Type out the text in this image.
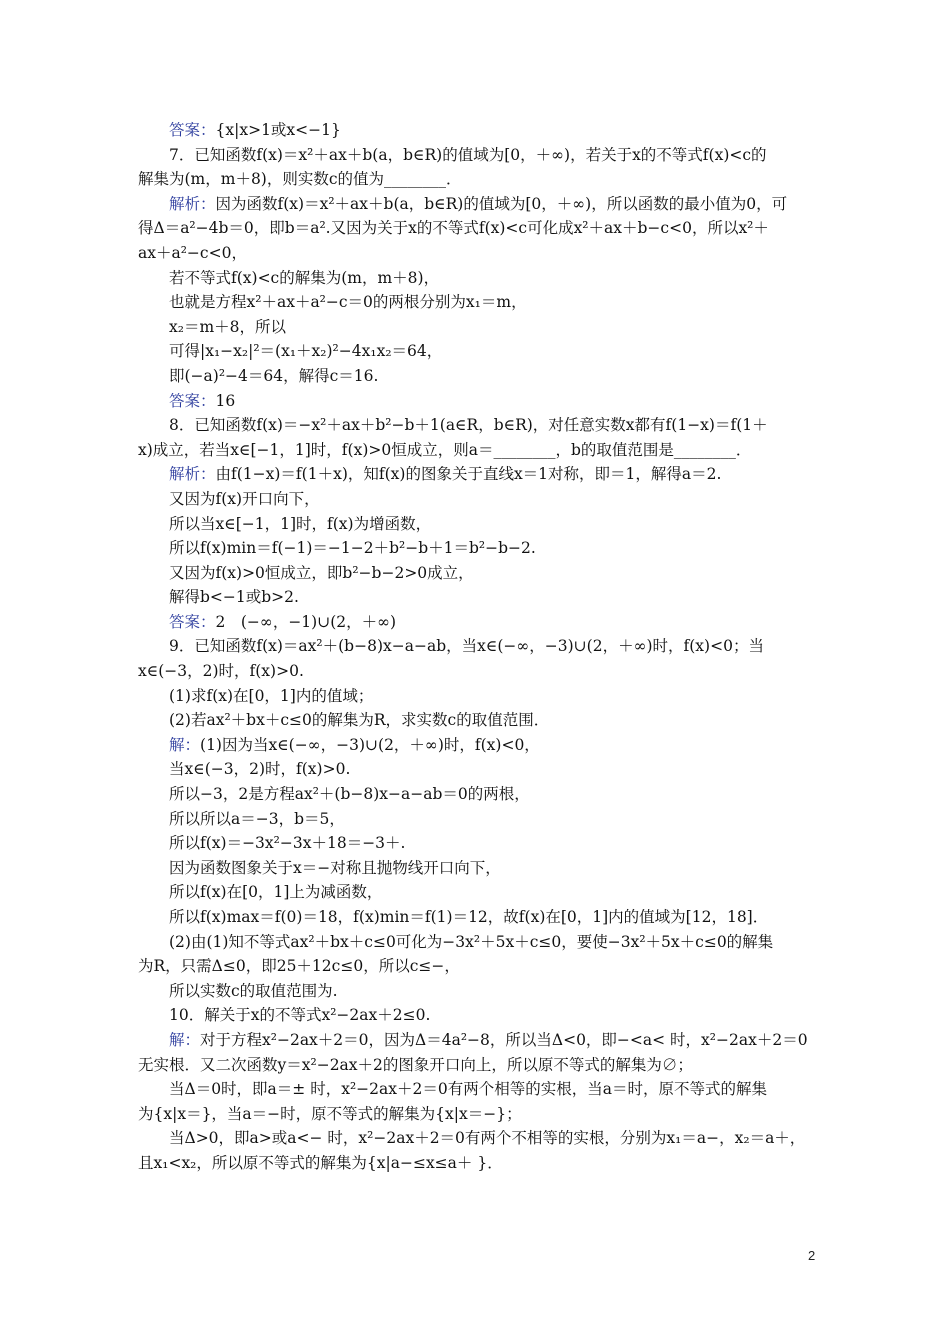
答案：{x|x>1或x<−1}
7．已知函数f(x)＝x²＋ax＋b(a，b∈R)的值域为[0，＋∞)，若关于x的不等式f(x)<c的
解集为(m，m＋8)，则实数c的值为________．
解析：因为函数f(x)＝x²＋ax＋b(a，b∈R)的值域为[0，＋∞)，所以函数的最小值为0，可
得Δ＝a²−4b＝0，即b＝a².又因为关于x的不等式f(x)<c可化成x²＋ax＋b−c<0，所以x²＋
ax＋a²−c<0，
若不等式f(x)<c的解集为(m，m＋8)，
也就是方程x²＋ax＋a²−c＝0的两根分别为x₁＝m，
x₂＝m＋8，所以
可得|x₁−x₂|²＝(x₁＋x₂)²−4x₁x₂＝64，
即(−a)²−4＝64，解得c＝16.
答案：16
8．已知函数f(x)＝−x²＋ax＋b²−b＋1(a∈R，b∈R)，对任意实数x都有f(1−x)＝f(1＋
x)成立，若当x∈[−1，1]时，f(x)>0恒成立，则a＝________，b的取值范围是________．
解析：由f(1−x)＝f(1＋x)，知f(x)的图象关于直线x＝1对称，即＝1，解得a＝2.
又因为f(x)开口向下，
所以当x∈[−1，1]时，f(x)为增函数，
所以f(x)min＝f(−1)＝−1−2＋b²−b＋1＝b²−b−2.
又因为f(x)>0恒成立，即b²−b−2>0成立，
解得b<−1或b>2.
答案：2　(−∞，−1)∪(2，＋∞)
9．已知函数f(x)＝ax²＋(b−8)x−a−ab，当x∈(−∞，−3)∪(2，＋∞)时，f(x)<0；当
x∈(−3，2)时，f(x)>0.
(1)求f(x)在[0，1]内的值域；
(2)若ax²＋bx＋c≤0的解集为R，求实数c的取值范围．
解：(1)因为当x∈(−∞，−3)∪(2，＋∞)时，f(x)<0，
当x∈(−3，2)时，f(x)>0.
所以−3，2是方程ax²＋(b−8)x−a−ab＝0的两根，
所以所以a＝−3，b＝5，
所以f(x)＝−3x²−3x＋18＝−3＋.
因为函数图象关于x＝−对称且抛物线开口向下，
所以f(x)在[0，1]上为减函数，
所以f(x)max＝f(0)＝18，f(x)min＝f(1)＝12，故f(x)在[0，1]内的值域为[12，18]．
(2)由(1)知不等式ax²＋bx＋c≤0可化为−3x²＋5x＋c≤0，要使−3x²＋5x＋c≤0的解集
为R，只需Δ≤0，即25＋12c≤0，所以c≤−，
所以实数c的取值范围为.
10．解关于x的不等式x²−2ax＋2≤0.
解：对于方程x²−2ax＋2＝0，因为Δ＝4a²−8，所以当Δ<0，即−<a< 时，x²−2ax＋2＝0
无实根．又二次函数y＝x²−2ax＋2的图象开口向上，所以原不等式的解集为∅；
当Δ＝0时，即a＝± 时，x²−2ax＋2＝0有两个相等的实根，当a＝时，原不等式的解集
为{x|x＝}，当a＝−时，原不等式的解集为{x|x＝−}；
当Δ>0，即a>或a<− 时，x²−2ax＋2＝0有两个不相等的实根，分别为x₁＝a−，x₂＝a＋，
且x₁<x₂，所以原不等式的解集为{x|a−≤x≤a＋ }．
2
